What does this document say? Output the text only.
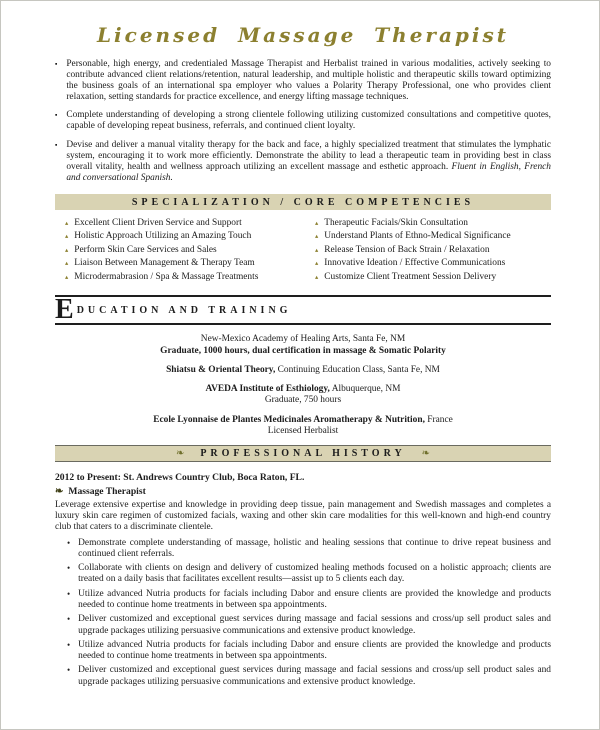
Licensed Massage Therapist
▪ Personable, high energy, and credentialed Massage Therapist and Herbalist trained in various modalities, actively seeking to contribute advanced client relations/retention, natural leadership, and multiple holistic and therapeutic skills toward optimizing the business goals of an international spa employer who values a Polarity Therapy Professional, one who provides client relaxation, setting standards for practice excellence, and energy lifting massage techniques.
▪ Complete understanding of developing a strong clientele following utilizing customized consultations and competitive quotes, capable of developing repeat business, referrals, and continued client loyalty.
▪ Devise and deliver a manual vitality therapy for the back and face, a highly specialized treatment that stimulates the lymphatic system, encouraging it to work more efficiently. Demonstrate the ability to lead a therapeutic team in providing best in class overall vitality, health and wellness approach utilizing an excellent massage and esthetic approach. Fluent in English, French and conversational Spanish.
SPECIALIZATION / CORE COMPETENCIES
▴ Excellent Client Driven Service and Support
▴ Holistic Approach Utilizing an Amazing Touch
▴ Perform Skin Care Services and Sales
▴ Liaison Between Management & Therapy Team
▴ Microdermabrasion / Spa & Massage Treatments
▴ Therapeutic Facials/Skin Consultation
▴ Understand Plants of Ethno-Medical Significance
▴ Release Tension of Back Strain / Relaxation
▴ Innovative Ideation / Effective Communications
▴ Customize Client Treatment Session Delivery
E DUCATION AND TRAINING

New-Mexico Academy of Healing Arts, Santa Fe, NM
Graduate, 1000 hours, dual certification in massage & Somatic Polarity

Shiatsu & Oriental Theory, Continuing Education Class, Santa Fe, NM

AVEDA Institute of Esthiology, Albuquerque, NM
Graduate, 750 hours

Ecole Lyonnaise de Plantes Medicinales Aromatherapy & Nutrition, France
Licensed Herbalist

❧ PROFESSIONAL HISTORY ❧

2012 to Present: St. Andrews Country Club, Boca Raton, FL.

❧ Massage Therapist

Leverage extensive expertise and knowledge in providing deep tissue, pain management and Swedish massages and completes a luxury skin care regimen of customized facials, waxing and other skin care modalities for this well-known and high-end country club that caters to a discriminate clientele.

• Demonstrate complete understanding of massage, holistic and healing sessions that continue to drive repeat business and continued client referrals.
• Collaborate with clients on design and delivery of customized healing methods focused on a holistic approach; clients are treated on a daily basis that facilitates excellent results—assist up to 5 clients each day.
• Utilize advanced Nutria products for facials including Dabor and ensure clients are provided the knowledge and products needed to continue home treatments in between spa appointments.
• Deliver customized and exceptional guest services during massage and facial sessions and cross/up sell product sales and upgrade packages utilizing persuasive communications and extensive product knowledge.
• Utilize advanced Nutria products for facials including Dabor and ensure clients are provided the knowledge and products needed to continue home treatments in between spa appointments.
• Deliver customized and exceptional guest services during massage and facial sessions and cross/up sell product sales and upgrade packages utilizing persuasive communications and extensive product knowledge.
